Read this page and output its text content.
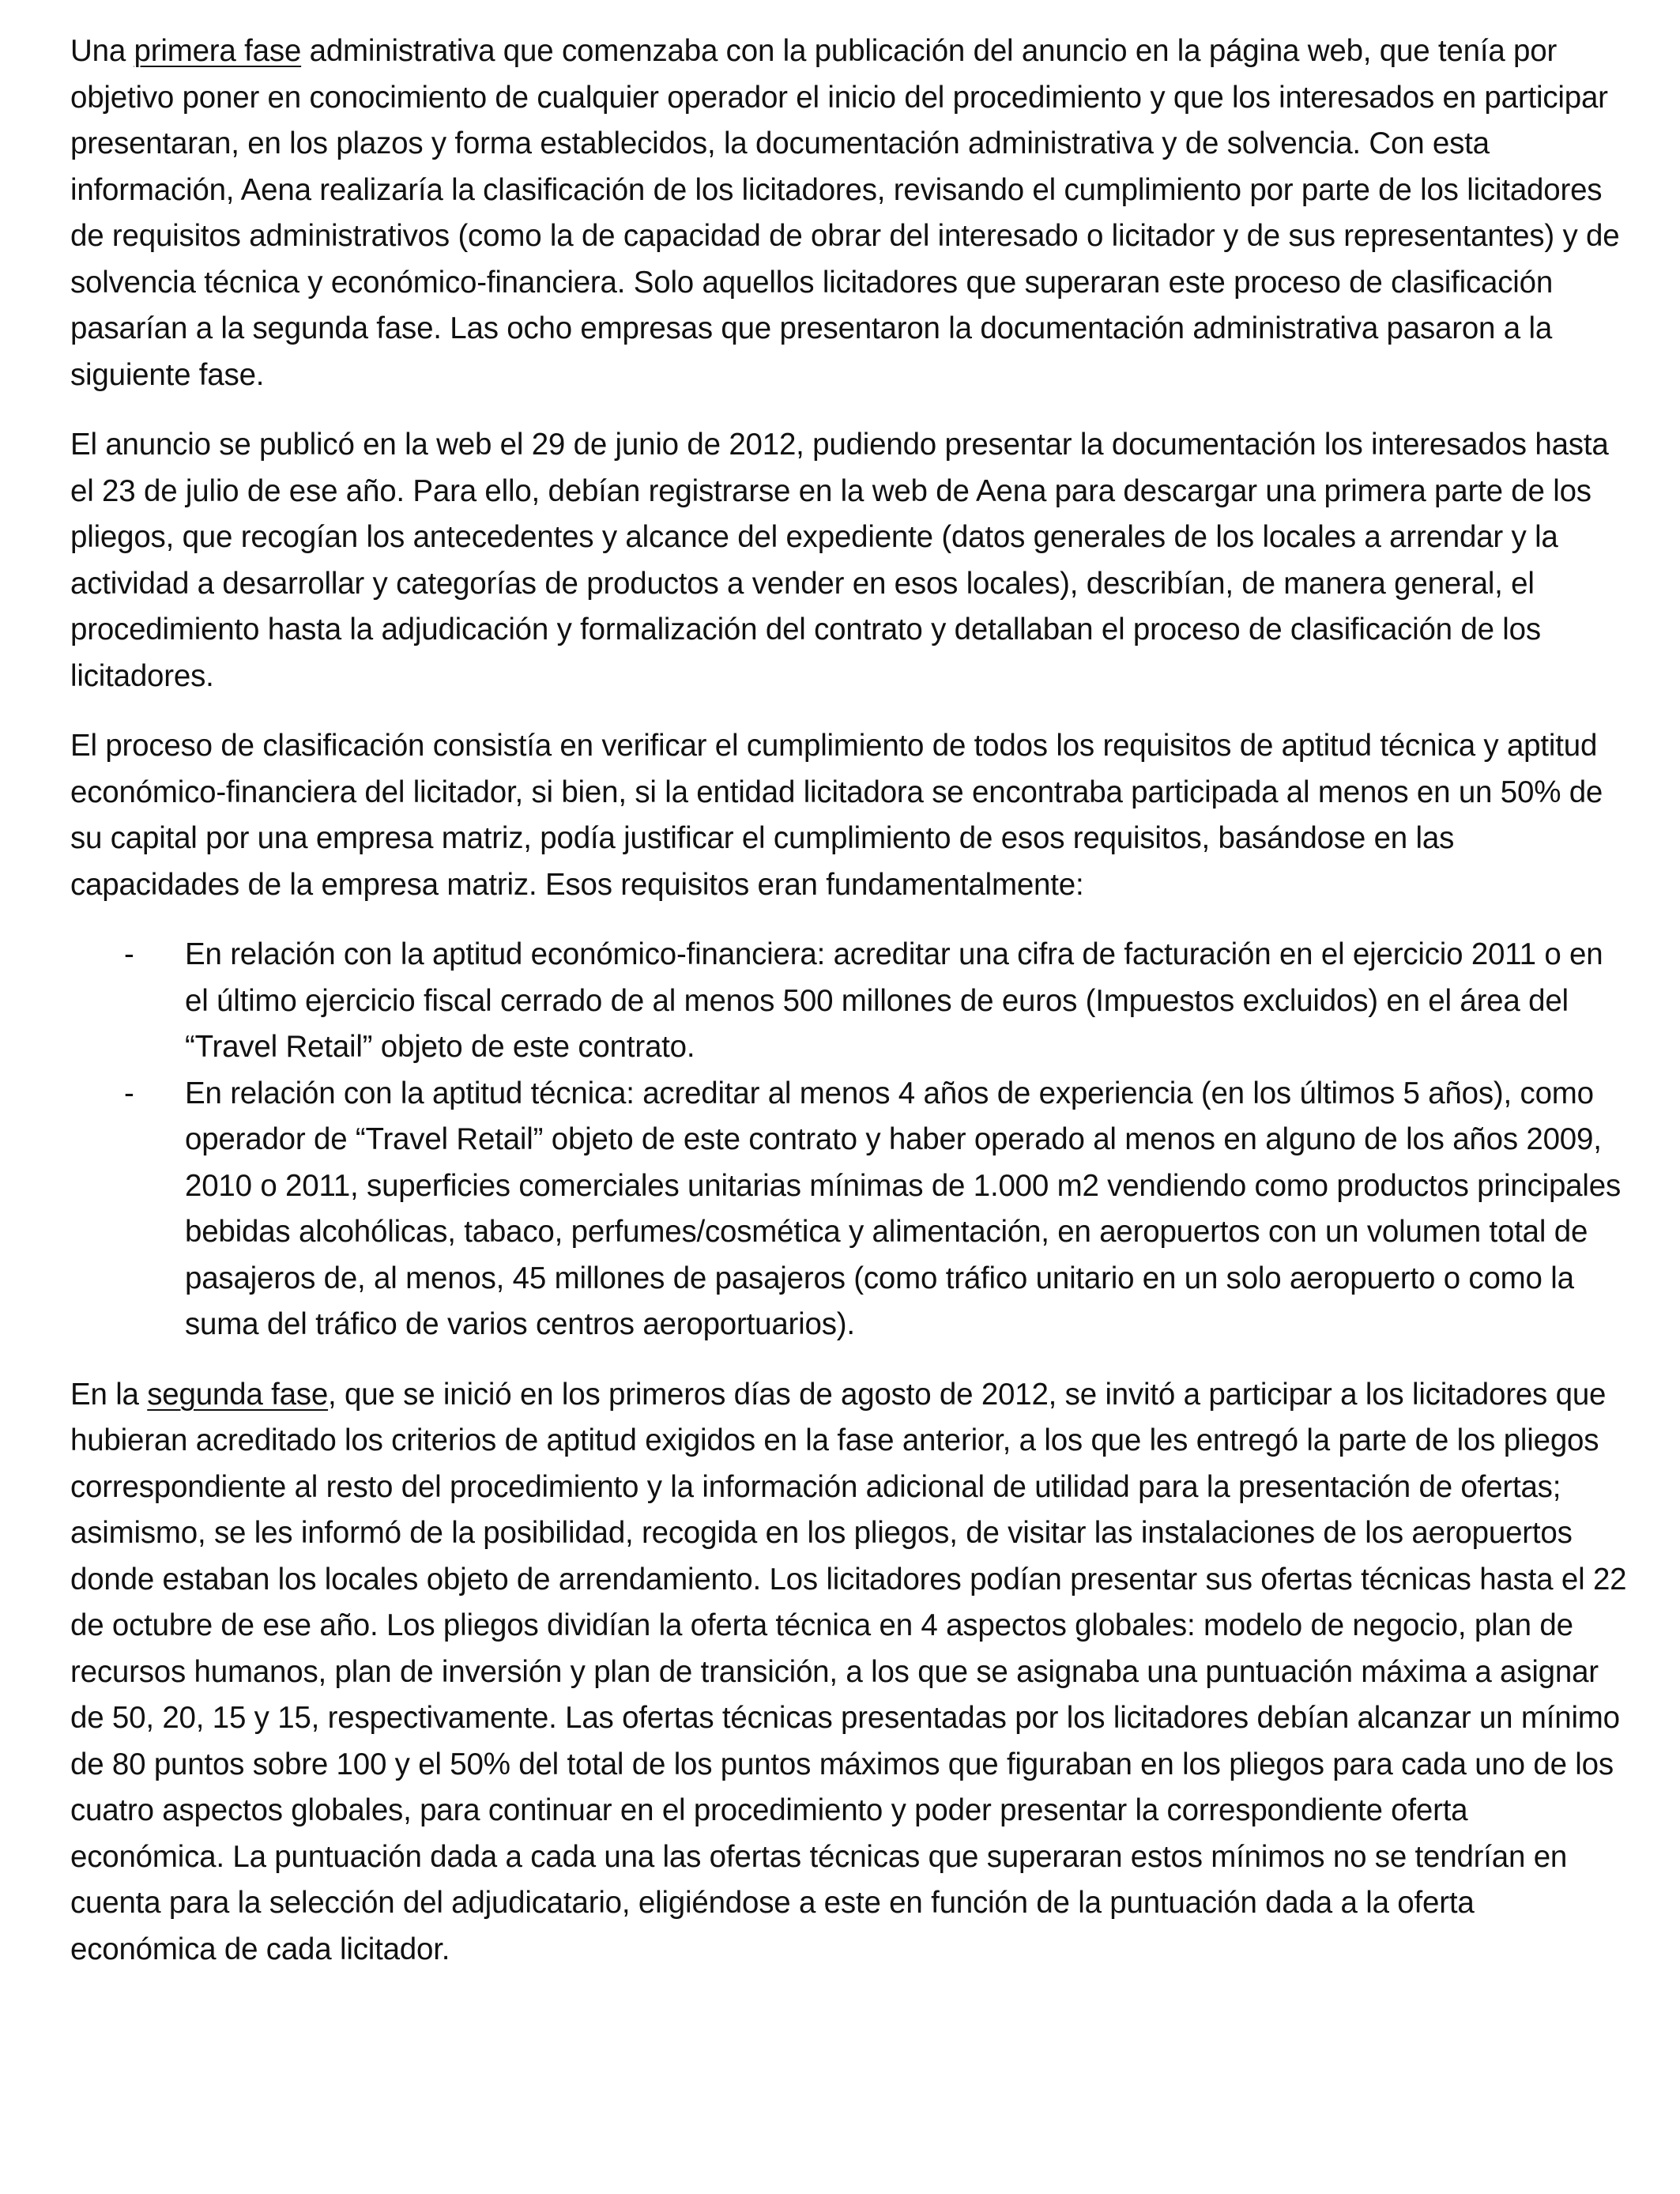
Una primera fase administrativa que comenzaba con la publicación del anuncio en la página web, que tenía por objetivo poner en conocimiento de cualquier operador el inicio del procedimiento y que los interesados en participar presentaran, en los plazos y forma establecidos, la documentación administrativa y de solvencia. Con esta información, Aena realizaría la clasificación de los licitadores, revisando el cumplimiento por parte de los licitadores de requisitos administrativos (como la de capacidad de obrar del interesado o licitador y de sus representantes) y de solvencia técnica y económico-financiera. Solo aquellos licitadores que superaran este proceso de clasificación pasarían a la segunda fase. Las ocho empresas que presentaron la documentación administrativa pasaron a la siguiente fase.

El anuncio se publicó en la web el 29 de junio de 2012, pudiendo presentar la documentación los interesados hasta el 23 de julio de ese año. Para ello, debían registrarse en la web de Aena para descargar una primera parte de los pliegos, que recogían los antecedentes y alcance del expediente (datos generales de los locales a arrendar y la actividad a desarrollar y categorías de productos a vender en esos locales), describían, de manera general, el procedimiento hasta la adjudicación y formalización del contrato y detallaban el proceso de clasificación de los licitadores.

El proceso de clasificación consistía en verificar el cumplimiento de todos los requisitos de aptitud técnica y aptitud económico-financiera del licitador, si bien, si la entidad licitadora se encontraba participada al menos en un 50% de su capital por una empresa matriz, podía justificar el cumplimiento de esos requisitos, basándose en las capacidades de la empresa matriz. Esos requisitos eran fundamentalmente:

- En relación con la aptitud económico-financiera: acreditar una cifra de facturación en el ejercicio 2011 o en el último ejercicio fiscal cerrado de al menos 500 millones de euros (Impuestos excluidos) en el área del “Travel Retail” objeto de este contrato.
- En relación con la aptitud técnica: acreditar al menos 4 años de experiencia (en los últimos 5 años), como operador de “Travel Retail” objeto de este contrato y haber operado al menos en alguno de los años 2009, 2010 o 2011, superficies comerciales unitarias mínimas de 1.000 m2 vendiendo como productos principales bebidas alcohólicas, tabaco, perfumes/cosmética y alimentación, en aeropuertos con un volumen total de pasajeros de, al menos, 45 millones de pasajeros (como tráfico unitario en un solo aeropuerto o como la suma del tráfico de varios centros aeroportuarios).

En la segunda fase, que se inició en los primeros días de agosto de 2012, se invitó a participar a los licitadores que hubieran acreditado los criterios de aptitud exigidos en la fase anterior, a los que les entregó la parte de los pliegos correspondiente al resto del procedimiento y la información adicional de utilidad para la presentación de ofertas; asimismo, se les informó de la posibilidad, recogida en los pliegos, de visitar las instalaciones de los aeropuertos donde estaban los locales objeto de arrendamiento. Los licitadores podían presentar sus ofertas técnicas hasta el 22 de octubre de ese año. Los pliegos dividían la oferta técnica en 4 aspectos globales: modelo de negocio, plan de recursos humanos, plan de inversión y plan de transición, a los que se asignaba una puntuación máxima a asignar de 50, 20, 15 y 15, respectivamente. Las ofertas técnicas presentadas por los licitadores debían alcanzar un mínimo de 80 puntos sobre 100 y el 50% del total de los puntos máximos que figuraban en los pliegos para cada uno de los cuatro aspectos globales, para continuar en el procedimiento y poder presentar la correspondiente oferta económica. La puntuación dada a cada una las ofertas técnicas que superaran estos mínimos no se tendrían en cuenta para la selección del adjudicatario, eligiéndose a este en función de la puntuación dada a la oferta económica de cada licitador.
